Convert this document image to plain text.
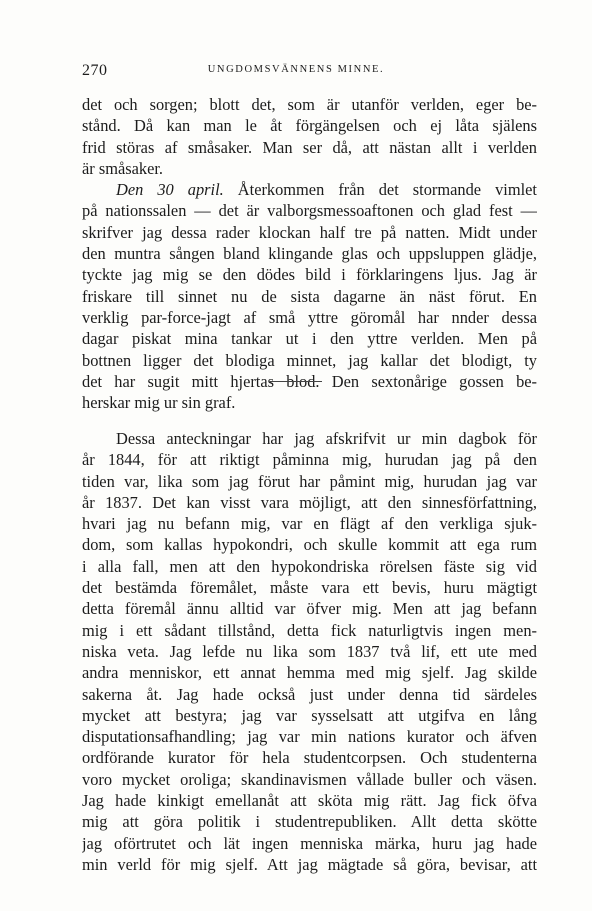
270	UNGDOMSVÄNNENS MINNE.
det och sorgen; blott det, som är utanför verlden, eger be-
stånd. Då kan man le åt förgängelsen och ej låta själens
frid störas af småsaker. Man ser då, att nästan allt i verlden
är småsaker.
Den 30 april. Återkommen från det stormande vimlet
på nationssalen — det är valborgsmessoaftonen och glad fest —
skrifver jag dessa rader klockan half tre på natten. Midt under
den muntra sången bland klingande glas och uppsluppen glädje,
tyckte jag mig se den dödes bild i förklaringens ljus. Jag är
friskare till sinnet nu de sista dagarne än näst förut. En
verklig par-force-jagt af små yttre göromål har nnder dessa
dagar piskat mina tankar ut i den yttre verlden. Men på
bottnen ligger det blodiga minnet, jag kallar det blodigt, ty
det har sugit mitt hjertas blod. Den sextonårige gossen be-
herskar mig ur sin graf.
Dessa anteckningar har jag afskrifvit ur min dagbok för
år 1844, för att riktigt påminna mig, hurudan jag på den
tiden var, lika som jag förut har påmint mig, hurudan jag var
år 1837. Det kan visst vara möjligt, att den sinnesförfattning,
hvari jag nu befann mig, var en flägt af den verkliga sjuk-
dom, som kallas hypokondri, och skulle kommit att ega rum
i alla fall, men att den hypokondriska rörelsen fäste sig vid
det bestämda föremålet, måste vara ett bevis, huru mägtigt
detta föremål ännu alltid var öfver mig. Men att jag befann
mig i ett sådant tillstånd, detta fick naturligtvis ingen men-
niska veta. Jag lefde nu lika som 1837 två lif, ett ute med
andra menniskor, ett annat hemma med mig sjelf. Jag skilde
sakerna åt. Jag hade också just under denna tid särdeles
mycket att bestyra; jag var sysselsatt att utgifva en lång
disputationsafhandling; jag var min nations kurator och äfven
ordförande kurator för hela studentcorpsen. Och studenterna
voro mycket oroliga; skandinavismen vållade buller och väsen.
Jag hade kinkigt emellanåt att sköta mig rätt. Jag fick öfva
mig att göra politik i studentrepubliken. Allt detta skötte
jag oförtrutet och lät ingen menniska märka, huru jag hade
min verld för mig sjelf. Att jag mägtade så göra, bevisar, att
